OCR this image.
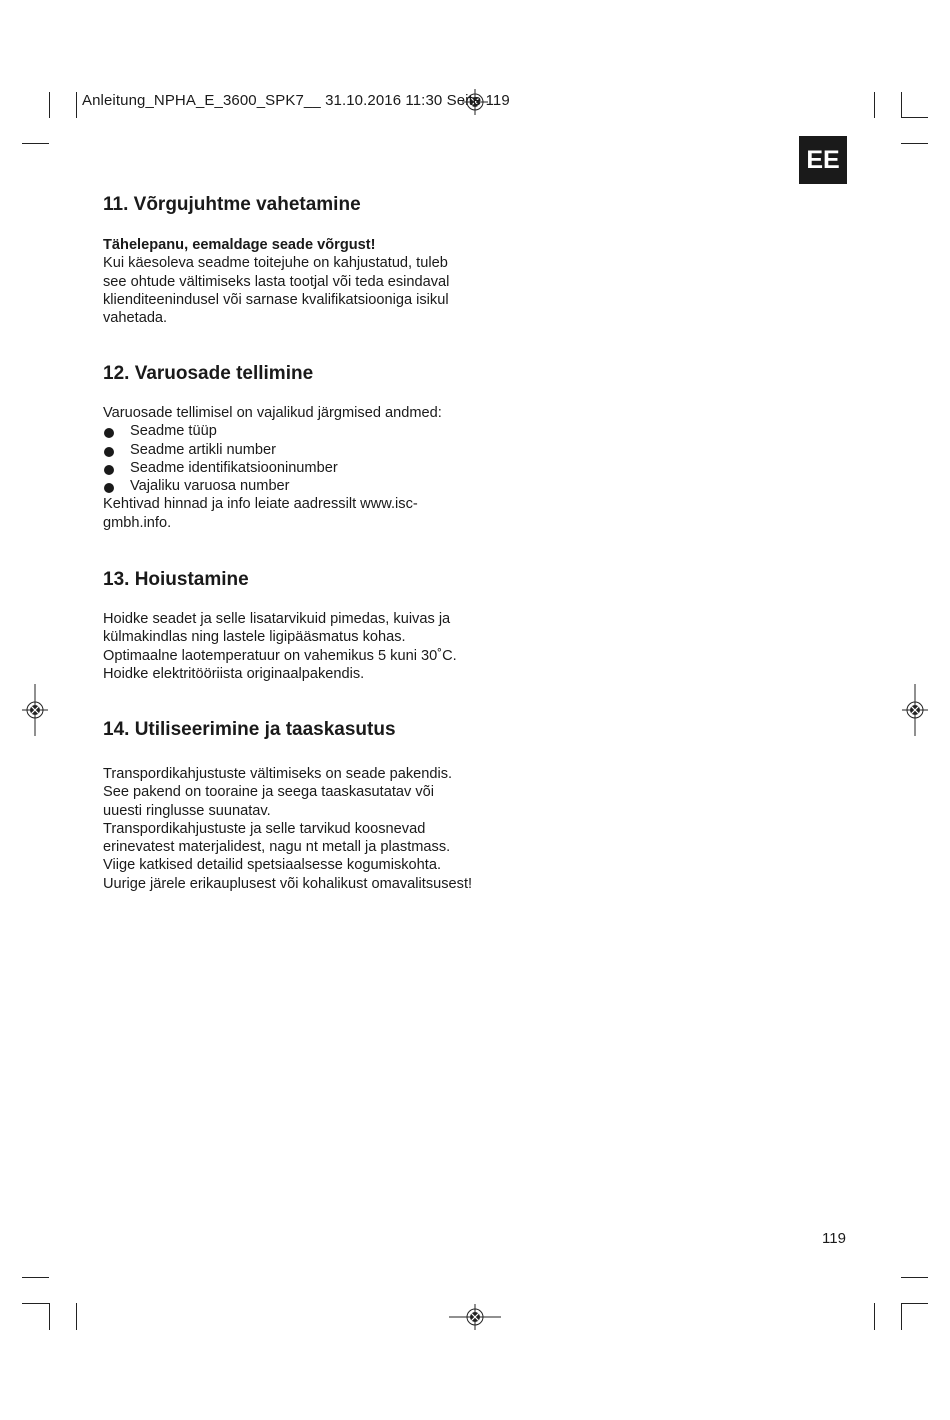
Anleitung_NPHA_E_3600_SPK7__ 31.10.2016 11:30 Seite 119
EE
11. Võrgujuhtme vahetamine

Tähelepanu, eemaldage seade võrgust!

Kui käesoleva seadme toitejuhe on kahjustatud, tuleb see ohtude vältimiseks lasta tootjal või teda esindaval klienditeenindusel või sarnase kvalifikatsiooniga isikul vahetada.

12. Varuosade tellimine

Varuosade tellimisel on vajalikud järgmised andmed:

Seadme tüüp
Seadme artikli number
Seadme identifikatsiooninumber
Vajaliku varuosa number

Kehtivad hinnad ja info leiate aadressilt www.isc-gmbh.info.

13. Hoiustamine

Hoidke seadet ja selle lisatarvikuid pimedas, kuivas ja külmakindlas ning lastele ligipääsmatus kohas. Optimaalne laotemperatuur on vahemikus 5 kuni 30˚C. Hoidke elektritööriista originaalpakendis.

14. Utiliseerimine ja taaskasutus

Transpordikahjustuste vältimiseks on seade pakendis. See pakend on tooraine ja seega taaskasutatav või uuesti ringlusse suunatav.

Transpordikahjustuste ja selle tarvikud koosnevad erinevatest materjalidest, nagu nt metall ja plastmass. Viige katkised detailid spetsiaalsesse kogumiskohta. Uurige järele erikauplusest või kohalikust omavalitsusest!

119
